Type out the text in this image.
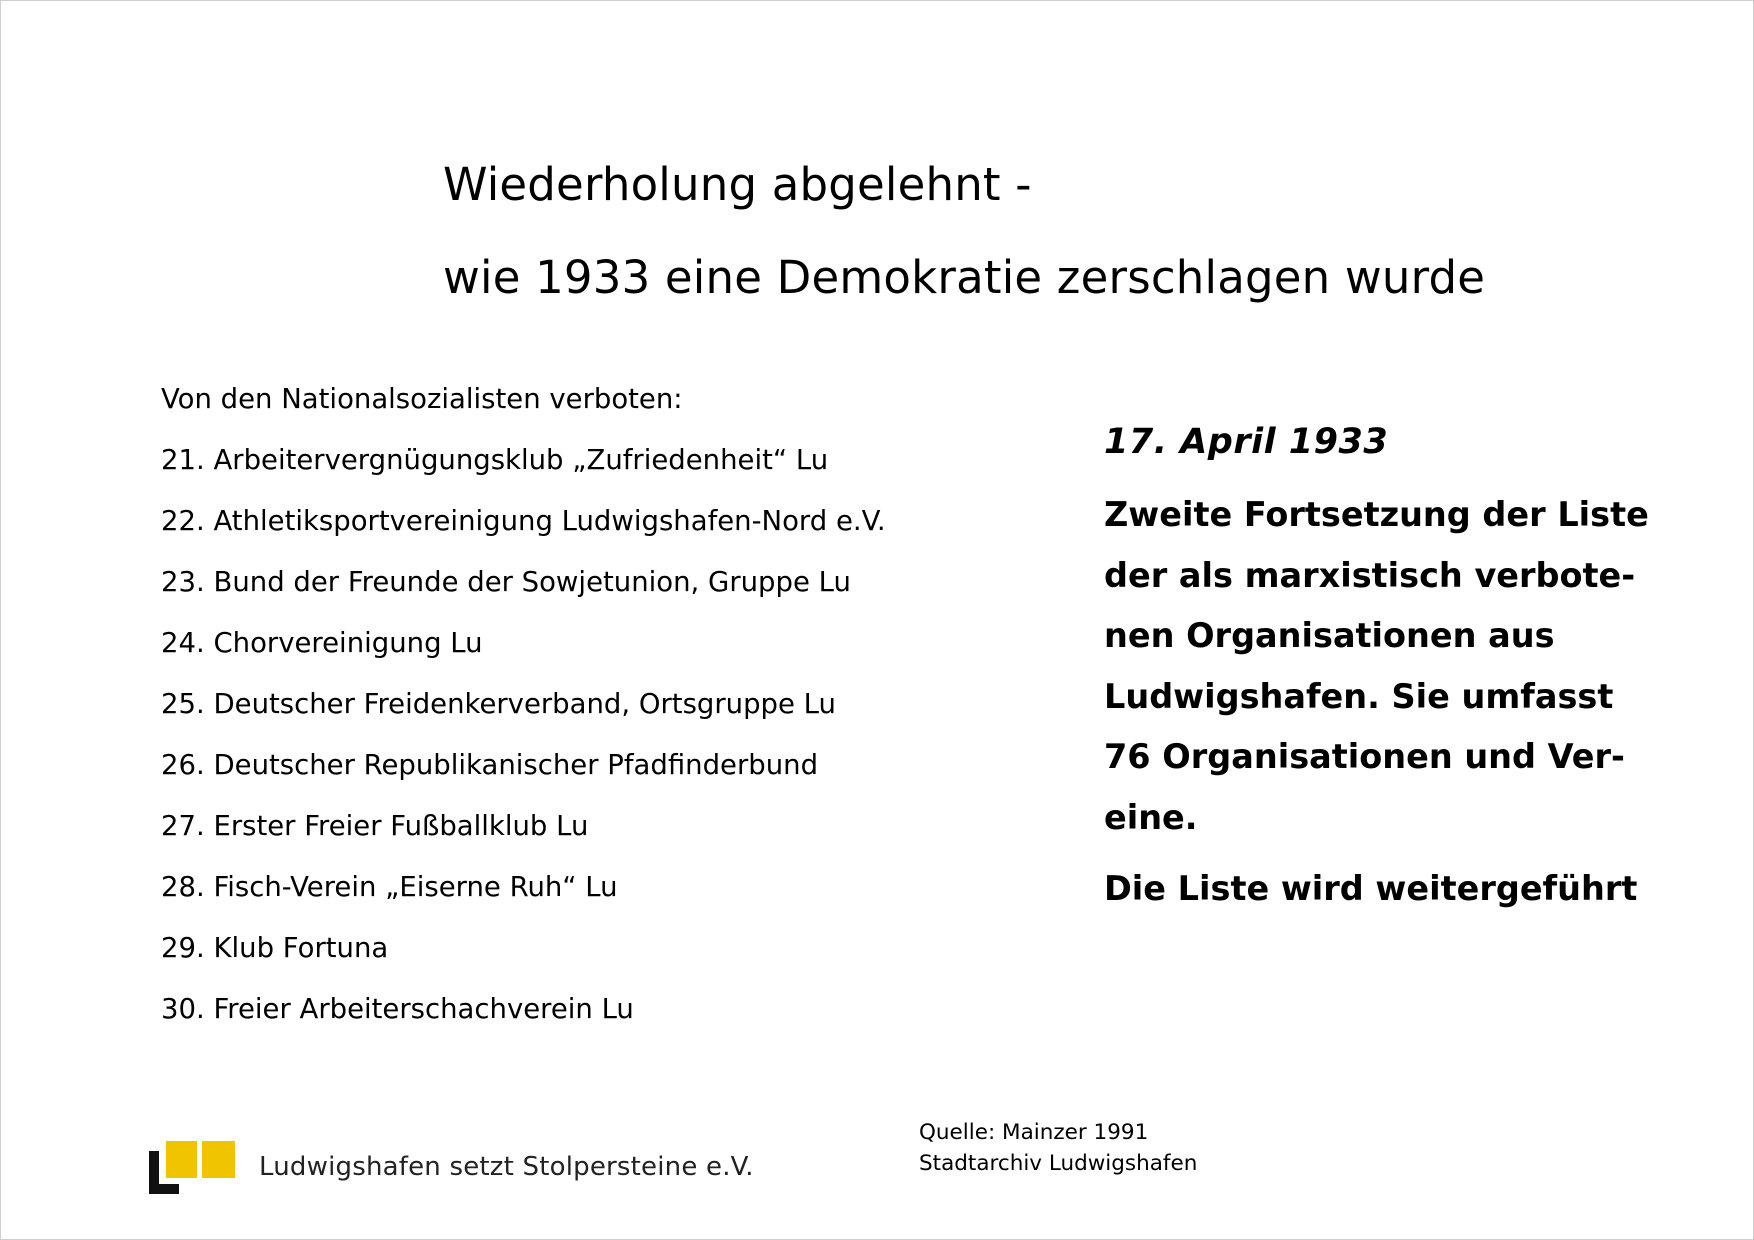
Wiederholung abgelehnt -
wie 1933 eine Demokratie zerschlagen wurde
Von den Nationalsozialisten verboten:
21. Arbeitervergnügungsklub „Zufriedenheit“ Lu
22. Athletiksportvereinigung Ludwigshafen-Nord e.V.
23. Bund der Freunde der Sowjetunion, Gruppe Lu
24. Chorvereinigung Lu
25. Deutscher Freidenkerverband, Ortsgruppe Lu
26. Deutscher Republikanischer Pfadfinderbund
27. Erster Freier Fußballklub Lu
28. Fisch-Verein „Eiserne Ruh“ Lu
29. Klub Fortuna
30. Freier Arbeiterschachverein Lu
17. April 1933
Zweite Fortsetzung der Liste
der als marxistisch verbote-
nen Organisationen aus
Ludwigshafen. Sie umfasst
76 Organisationen und Ver-
eine.
Die Liste wird weitergeführt
Quelle: Mainzer 1991
Stadtarchiv Ludwigshafen
Ludwigshafen setzt Stolpersteine e.V.
